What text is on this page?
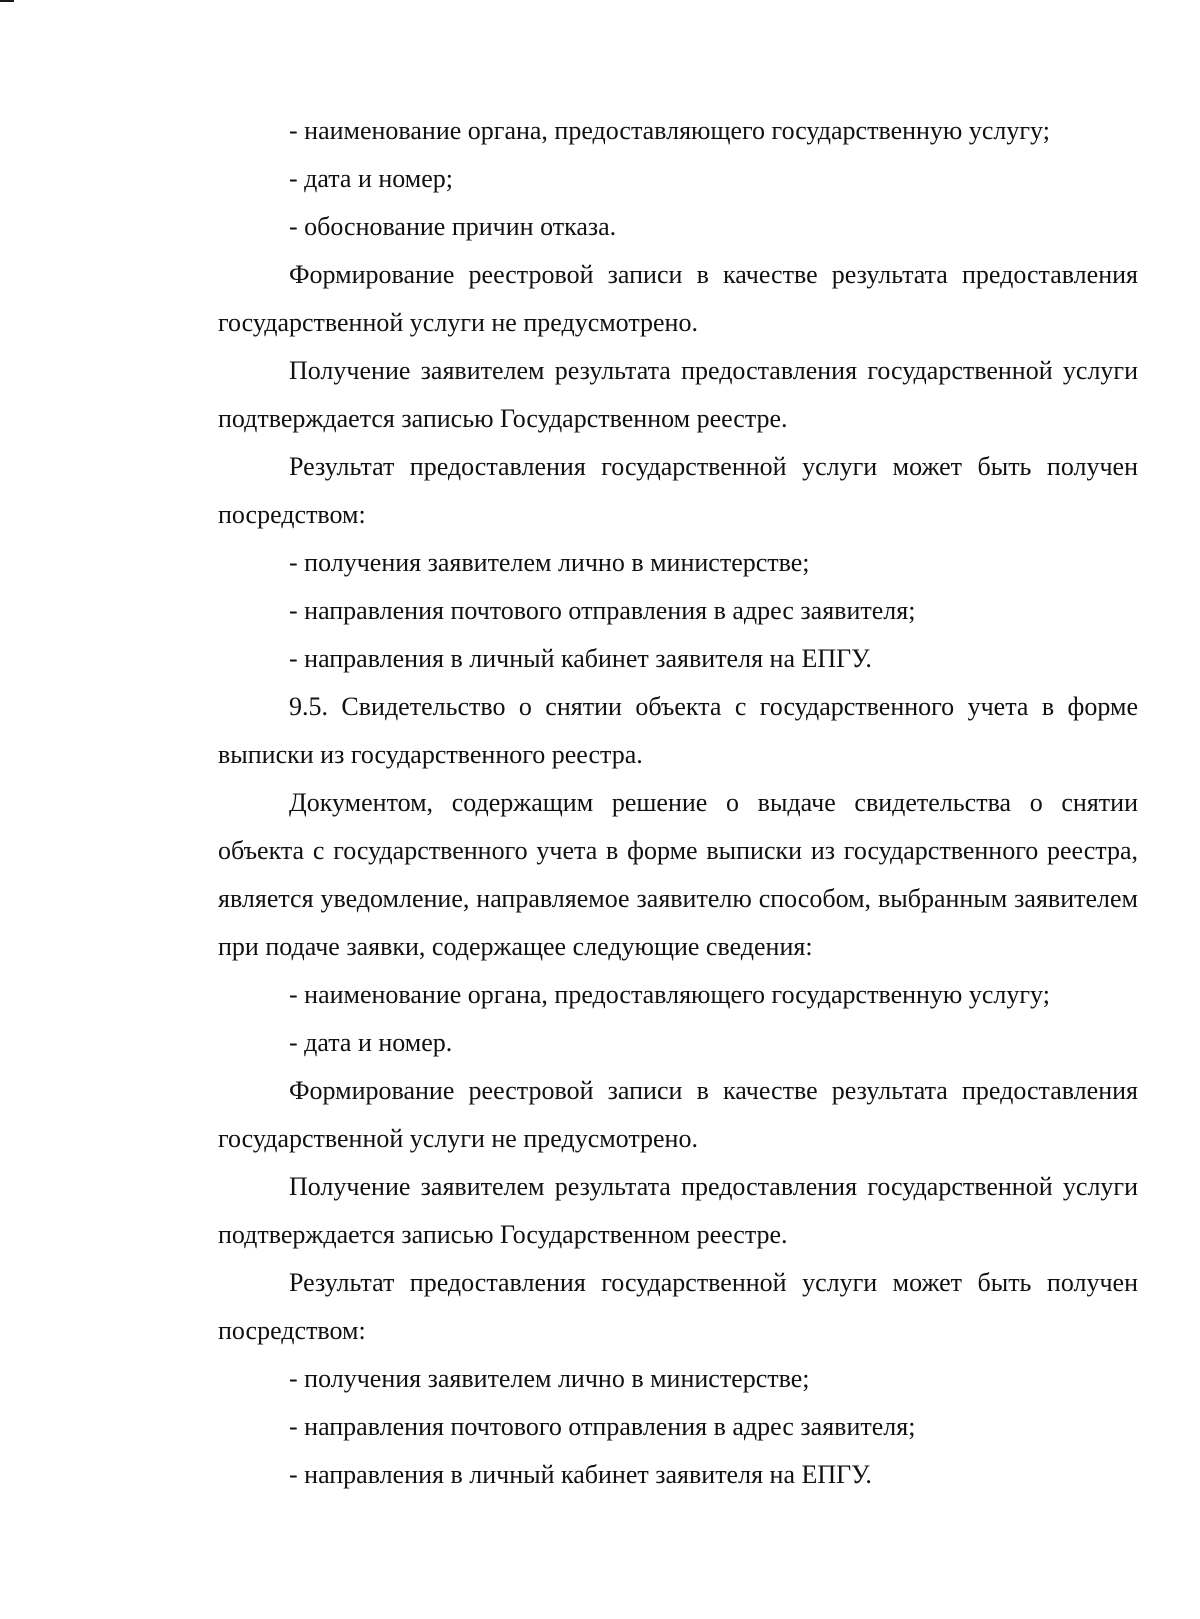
- наименование органа, предоставляющего государственную услугу;

- дата и номер;

- обоснование причин отказа.

Формирование реестровой записи в качестве результата предоставления государственной услуги не предусмотрено.

Получение заявителем результата предоставления государственной услуги подтверждается записью Государственном реестре.

Результат предоставления государственной услуги может быть получен посредством:

- получения заявителем лично в министерстве;

- направления почтового отправления в адрес заявителя;

- направления в личный кабинет заявителя на ЕПГУ.

9.5. Свидетельство о снятии объекта с государственного учета в форме выписки из государственного реестра.

Документом, содержащим решение о выдаче свидетельства о снятии объекта с государственного учета в форме выписки из государственного реестра, является уведомление, направляемое заявителю способом, выбранным заявителем при подаче заявки, содержащее следующие сведения:

- наименование органа, предоставляющего государственную услугу;

- дата и номер.

Формирование реестровой записи в качестве результата предоставления государственной услуги не предусмотрено.

Получение заявителем результата предоставления государственной услуги подтверждается записью Государственном реестре.

Результат предоставления государственной услуги может быть получен посредством:

- получения заявителем лично в министерстве;

- направления почтового отправления в адрес заявителя;

- направления в личный кабинет заявителя на ЕПГУ.
